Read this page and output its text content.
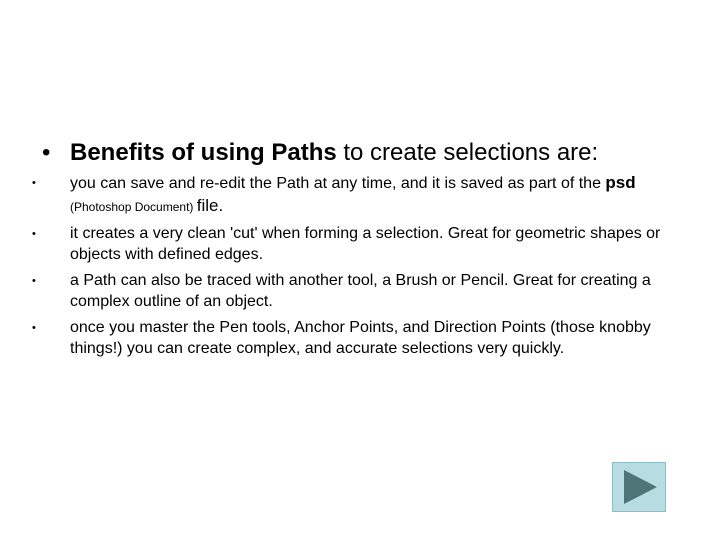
• Benefits of using Paths to create selections are:
• you can save and re-edit the Path at any time, and it is saved as part of the psd (Photoshop Document) file.
• it creates a very clean 'cut' when forming a selection. Great for geometric shapes or objects with defined edges.
• a Path can also be traced with another tool, a Brush or Pencil. Great for creating a complex outline of an object.
• once you master the Pen tools, Anchor Points, and Direction Points (those knobby things!) you can create complex, and accurate selections very quickly.
